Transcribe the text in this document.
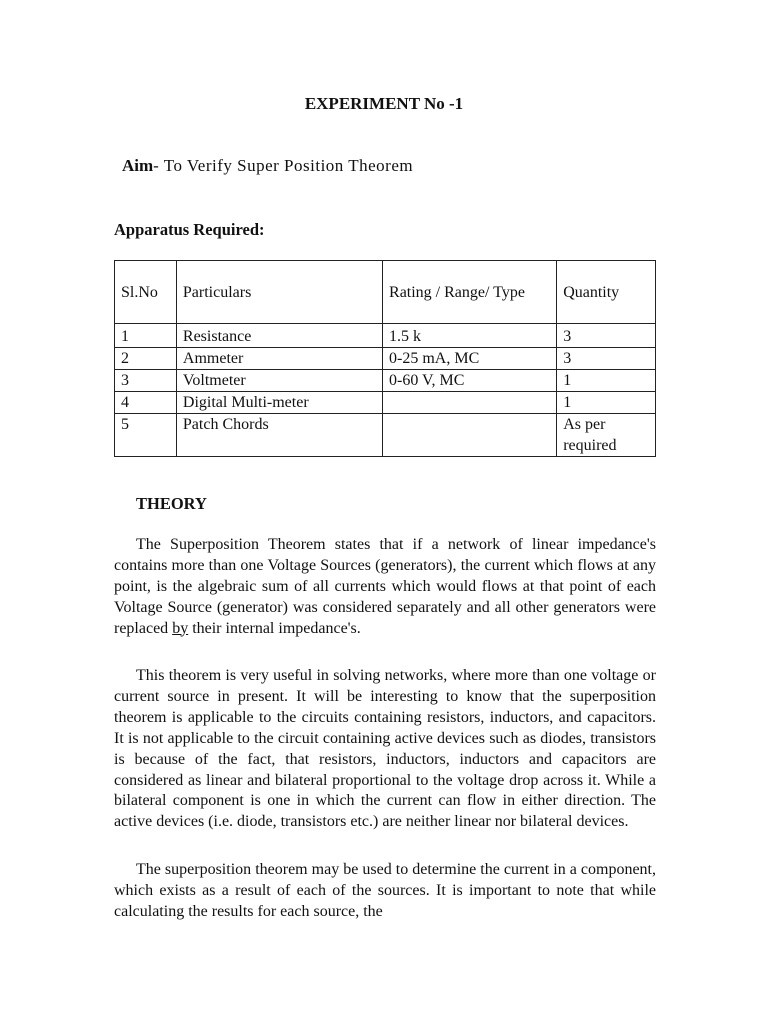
EXPERIMENT No -1
Aim- To Verify Super Position Theorem
Apparatus Required:
Sl.No	Particulars	Rating / Range/ Type	Quantity
1	Resistance	1.5 k	3
2	Ammeter	0-25 mA, MC	3
3	Voltmeter	0-60 V, MC	1
4	Digital Multi-meter		1
5	Patch Chords		As per required
THEORY
The Superposition Theorem states that if a network of linear impedance's contains more than one Voltage Sources (generators), the current which flows at any point, is the algebraic sum of all currents which would flows at that point of each Voltage Source (generator) was considered separately and all other generators were replaced by their internal impedance's.
This theorem is very useful in solving networks, where more than one voltage or current source in present. It will be interesting to know that the superposition theorem is applicable to the circuits containing resistors, inductors, and capacitors. It is not applicable to the circuit containing active devices such as diodes, transistors is because of the fact, that resistors, inductors, inductors and capacitors are considered as linear and bilateral proportional to the voltage drop across it. While a bilateral component is one in which the current can flow in either direction. The active devices (i.e. diode, transistors etc.) are neither linear nor bilateral devices.
The superposition theorem may be used to determine the current in a component, which exists as a result of each of the sources. It is important to note that while calculating the results for each source, the
